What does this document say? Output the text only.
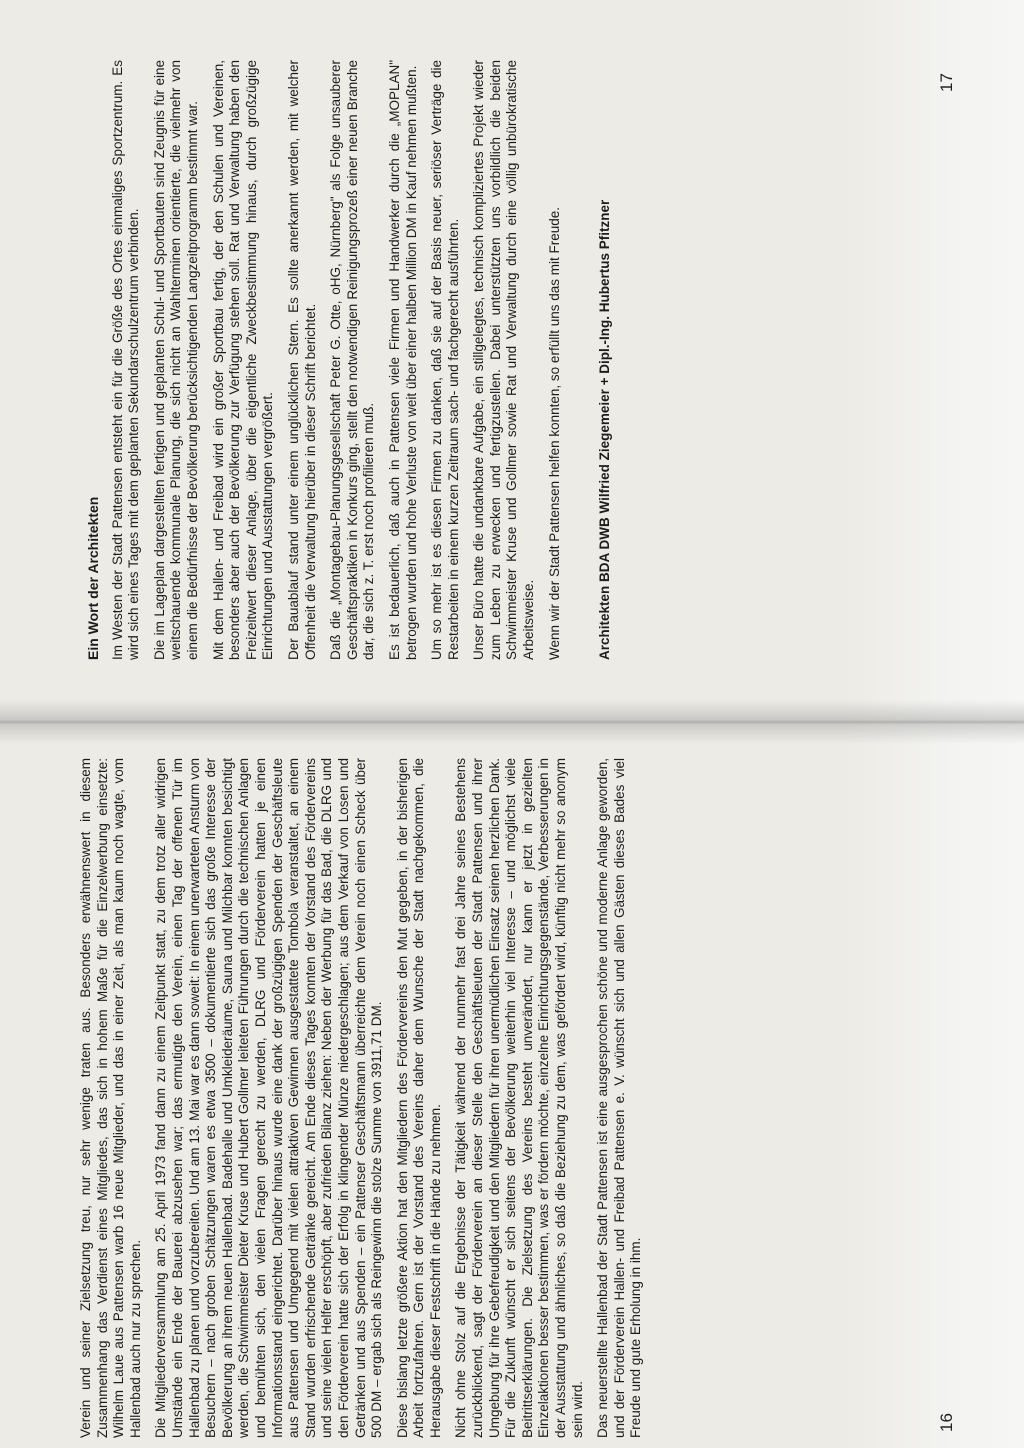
Verein und seiner Zielsetzung treu, nur sehr wenige traten aus. Besonders erwähnenswert in diesem Zusammenhang das Verdienst eines Mitgliedes, das sich in hohem Maße für die Einzelwerbung einsetzte: Wilhelm Laue aus Pattensen warb 16 neue Mitglieder, und das in einer Zeit, als man kaum noch wagte, vom Hallenbad auch nur zu sprechen. Die Mitgliederversammlung am 25. April 1973 fand dann zu einem Zeitpunkt statt, zu dem trotz aller widrigen Umstände ein Ende der Bauerei abzusehen war; das ermutigte den Verein, einen Tag der offenen Tür im Hallenbad zu planen und vorzubereiten. Und am 13. Mai war es dann soweit: In einem unerwarteten Ansturm von Besuchern – nach groben Schätzungen waren es etwa 3500 – dokumentierte sich das große Interesse der Bevölkerung an ihrem neuen Hallenbad. Badehalle und Umkleideräume, Sauna und Milchbar konnten besichtigt werden, die Schwimmeister Dieter Kruse und Hubert Gollmer leiteten Führungen durch die technischen Anlagen und bemühten sich, den vielen Fragen gerecht zu werden, DLRG und Förderverein hatten je einen Informationsstand eingerichtet. Darüber hinaus wurde eine dank der großzügigen Spenden der Geschäftsleute aus Pattensen und Umgegend mit vielen attraktiven Gewinnen ausgestattete Tombola veranstaltet, an einem Stand wurden erfrischende Getränke gereicht. Am Ende dieses Tages konnten der Vorstand des Fördervereins und seine vielen Helfer erschöpft, aber zufrieden Bilanz ziehen: Neben der Werbung für das Bad, die DLRG und den Förderverein hatte sich der Erfolg in klingender Münze niedergeschlagen; aus dem Verkauf von Losen und Getränken und aus Spenden – ein Pattenser Geschäftsmann überreichte dem Verein noch einen Scheck über 500 DM – ergab sich als Reingewinn die stolze Summe von 3911,71 DM. Diese bislang letzte größere Aktion hat den Mitgliedern des Fördervereins den Mut gegeben, in der bisherigen Arbeit fortzufahren. Gern ist der Vorstand des Vereins daher dem Wunsche der Stadt nachgekommen, die Herausgabe dieser Festschrift in die Hände zu nehmen. Nicht ohne Stolz auf die Ergebnisse der Tätigkeit während der nunmehr fast drei Jahre seines Bestehens zurückblickend, sagt der Förderverein an dieser Stelle den Geschäftsleuten der Stadt Pattensen und ihrer Umgebung für ihre Gebefreudigkeit und den Mitgliedern für ihren unermüdlichen Einsatz seinen herzlichen Dank. Für die Zukunft wünscht er sich seitens der Bevölkerung weiterhin viel Interesse – und möglichst viele Beitrittserklärungen. Die Zielsetzung des Vereins besteht unverändert, nur kann er jetzt in gezielten Einzelaktionen besser bestimmen, was er fördern möchte, einzelne Einrichtungsgegenstände, Verbesserungen in der Ausstattung und ähnliches, so daß die Beziehung zu dem, was gefördert wird, künftig nicht mehr so anonym sein wird. Das neuerstellte Hallenbad der Stadt Pattensen ist eine ausgesprochen schöne und moderne Anlage geworden, und der Förderverein Hallen- und Freibad Pattensen e. V. wünscht sich und allen Gästen dieses Bades viel Freude und gute Erholung in ihm.	16

Ein Wort der Architekten Im Westen der Stadt Pattensen entsteht ein für die Größe des Ortes einmaliges Sportzentrum. Es wird sich eines Tages mit dem geplanten Sekundarschulzentrum verbinden. Die im Lageplan dargestellten fertigen und geplanten Schul- und Sportbauten sind Zeugnis für eine weitschauende kommunale Planung, die sich nicht an Wahlterminen orientierte, die vielmehr von einem die Bedürfnisse der Bevölkerung berücksichtigenden Langzeitprogramm bestimmt war. Mit dem Hallen- und Freibad wird ein großer Sportbau fertig, der den Schulen und Vereinen, besonders aber auch der Bevölkerung zur Verfügung stehen soll. Rat und Verwaltung haben den Freizeitwert dieser Anlage, über die eigentliche Zweckbestimmung hinaus, durch großzügige Einrichtungen und Ausstattungen vergrößert. Der Bauablauf stand unter einem unglücklichen Stern. Es sollte anerkannt werden, mit welcher Offenheit die Verwaltung hierüber in dieser Schrift berichtet. Daß die „Montagebau-Planungsgesellschaft Peter G. Otte, oHG, Nürnberg" als Folge unsauberer Geschäftspraktiken in Konkurs ging, stellt den notwendigen Reinigungsprozeß einer neuen Branche dar, die sich z. T. erst noch profilieren muß. Es ist bedauerlich, daß auch in Pattensen viele Firmen und Handwerker durch die „MOPLAN" betrogen wurden und hohe Verluste von weit über einer halben Million DM in Kauf nehmen mußten. Um so mehr ist es diesen Firmen zu danken, daß sie auf der Basis neuer, seriöser Verträge die Restarbeiten in einem kurzen Zeitraum sach- und fachgerecht ausführten. Unser Büro hatte die undankbare Aufgabe, ein stillgelegtes, technisch kompliziertes Projekt wieder zum Leben zu erwecken und fertigzustellen. Dabei unterstützten uns vorbildlich die beiden Schwimmeister Kruse und Gollmer sowie Rat und Verwaltung durch eine völlig unbürokratische Arbeitsweise. Wenn wir der Stadt Pattensen helfen konnten, so erfüllt uns das mit Freude.	Architekten BDA DWB Wilfried Ziegemeier + Dipl.-Ing. Hubertus Pfitzner

17
